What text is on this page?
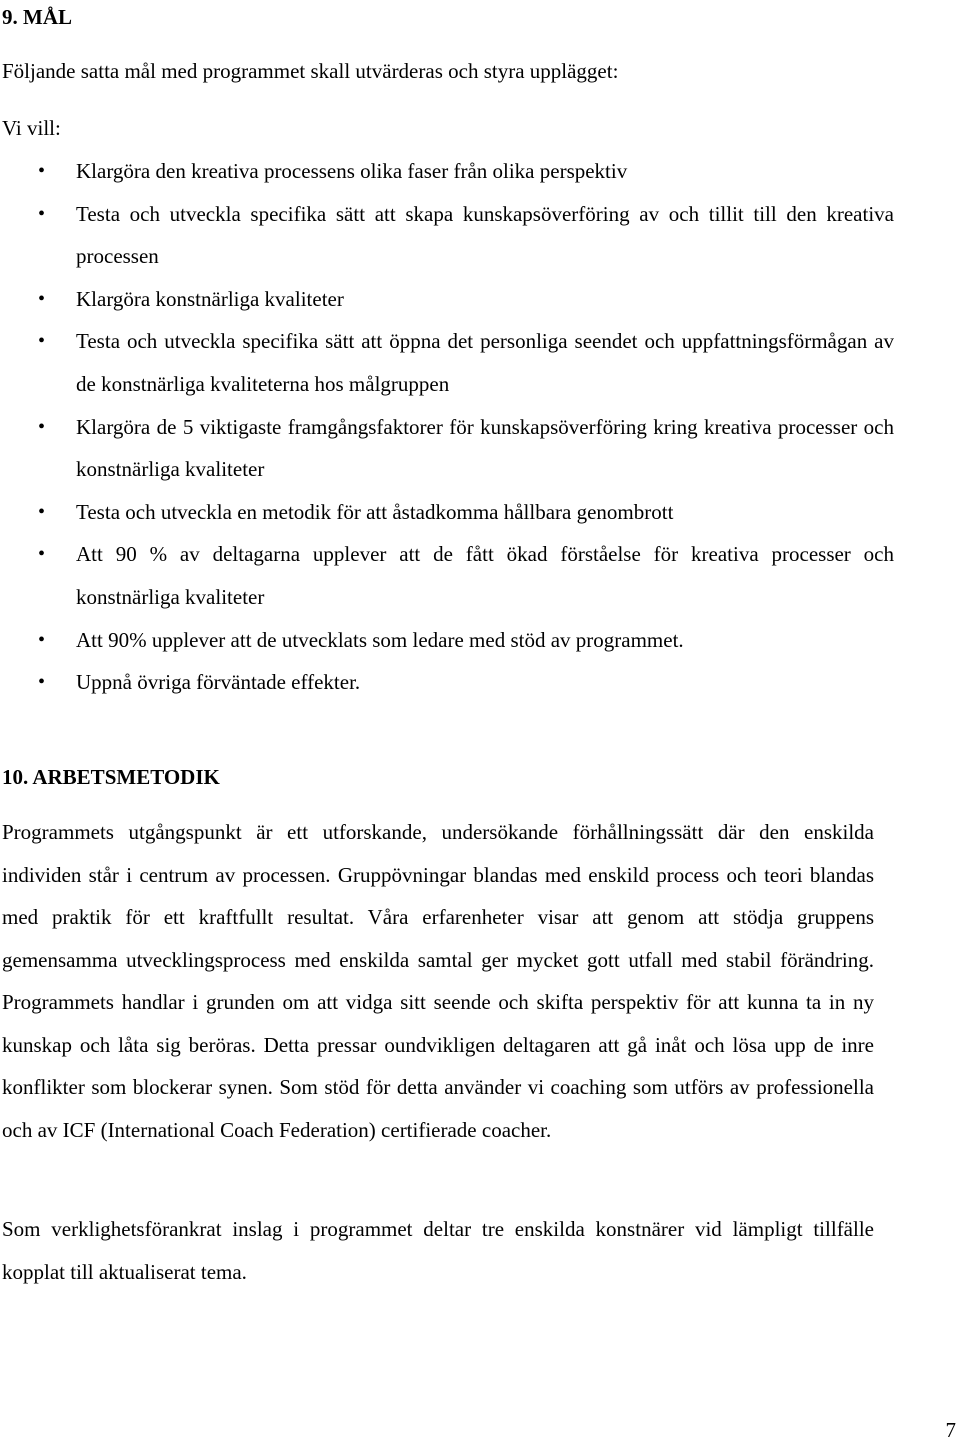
9. MÅL

Följande satta mål med programmet skall utvärderas och styra upplägget:

Vi vill:

• Klargöra den kreativa processens olika faser från olika perspektiv
• Testa och utveckla specifika sätt att skapa kunskapsöverföring av och tillit till den kreativa processen
• Klargöra konstnärliga kvaliteter
• Testa och utveckla specifika sätt att öppna det personliga seendet och uppfattningsförmågan av de konstnärliga kvaliteterna hos målgruppen
• Klargöra de 5 viktigaste framgångsfaktorer för kunskapsöverföring kring kreativa processer och konstnärliga kvaliteter
• Testa och utveckla en metodik för att åstadkomma hållbara genombrott
• Att 90 % av deltagarna upplever att de fått ökad förståelse för kreativa processer och konstnärliga kvaliteter
• Att 90% upplever att de utvecklats som ledare med stöd av programmet.
• Uppnå övriga förväntade effekter.
10. ARBETSMETODIK

Programmets utgångspunkt är ett utforskande, undersökande förhållningssätt där den enskilda individen står i centrum av processen. Gruppövningar blandas med enskild process och teori blandas med praktik för ett kraftfullt resultat. Våra erfarenheter visar att genom att stödja gruppens gemensamma utvecklingsprocess med enskilda samtal ger mycket gott utfall med stabil förändring. Programmets handlar i grunden om att vidga sitt seende och skifta perspektiv för att kunna ta in ny kunskap och låta sig beröras. Detta pressar oundvikligen deltagaren att gå inåt och lösa upp de inre konflikter som blockerar synen. Som stöd för detta använder vi coaching som utförs av professionella och av ICF (International Coach Federation) certifierade coacher.

Som verklighetsförankrat inslag i programmet deltar tre enskilda konstnärer vid lämpligt tillfälle kopplat till aktualiserat tema.

7
